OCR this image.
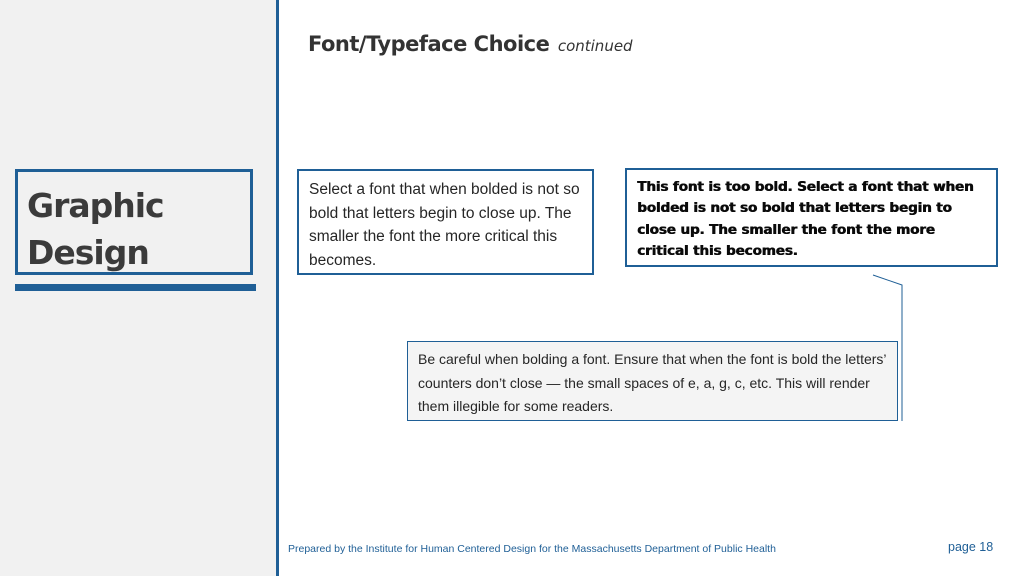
Graphic
Design
Font/Typeface Choice continued
Select a font that when bolded is not so bold that letters begin to close up. The smaller the font the more critical this becomes.
This font is too bold. Select a font that when bolded is not so bold that letters begin to close up. The smaller the font the more critical this becomes.
Be careful when bolding a font. Ensure that when the font is bold the letters’ counters don’t close — the small spaces of e, a, g, c, etc. This will render them illegible for some readers.
Prepared by the Institute for Human Centered Design for the Massachusetts Department of Public Health	page 18
